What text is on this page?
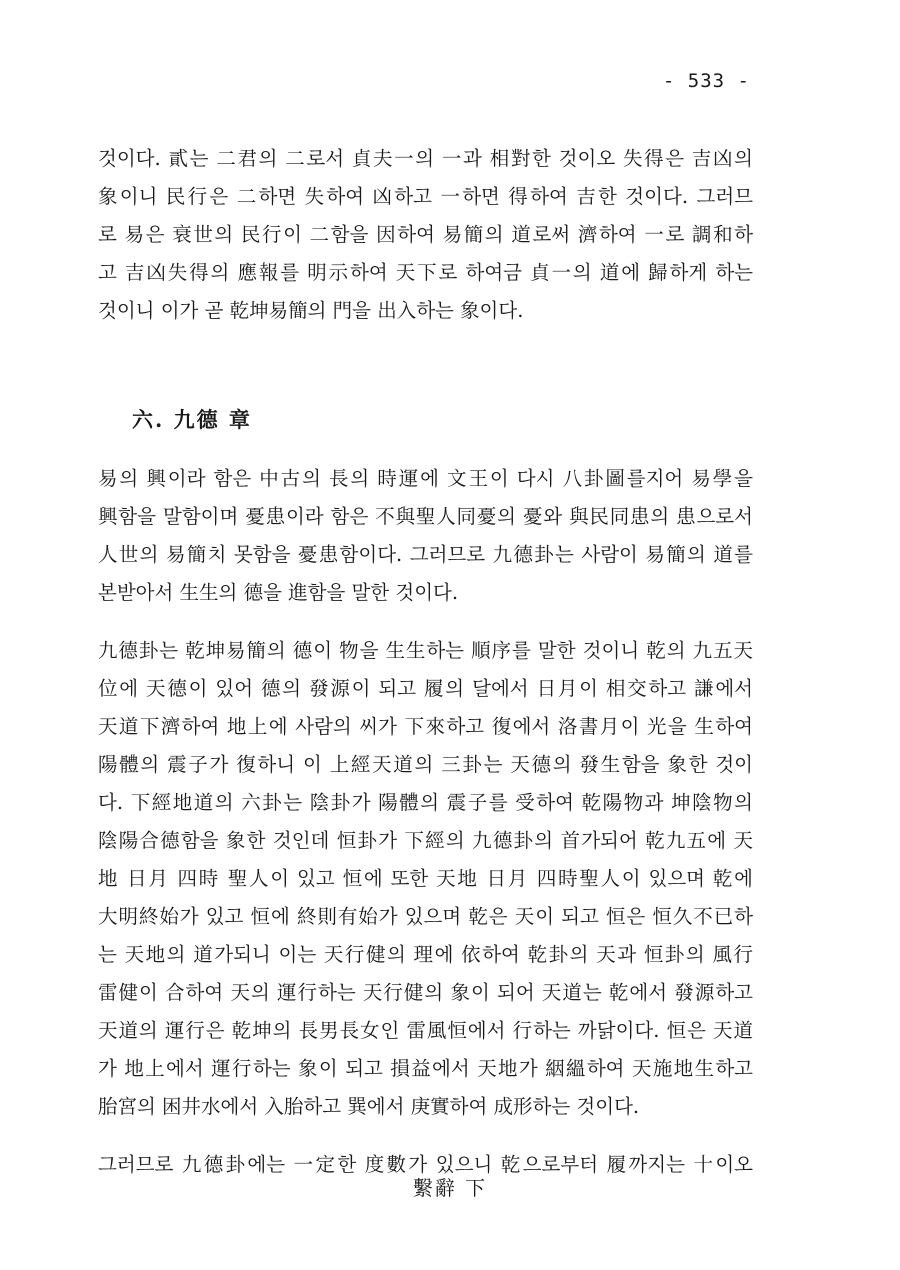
- 533 -

것이다. 貳는 二君의 二로서 貞夫一의 一과 相對한 것이오 失得은 吉凶의
象이니 民行은 二하면 失하여 凶하고 一하면 得하여 吉한 것이다. 그러므
로 易은 衰世의 民行이 二함을 因하여 易簡의 道로써 濟하여 一로 調和하
고 吉凶失得의 應報를 明示하여 天下로 하여금 貞一의 道에 歸하게 하는
것이니 이가 곧 乾坤易簡의 門을 出入하는 象이다.

六. 九德 章

易의 興이라 함은 中古의 長의 時運에 文王이 다시 八卦圖를지어 易學을
興함을 말함이며 憂患이라 함은 不與聖人同憂의 憂와 與民同患의 患으로서
人世의 易簡치 못함을 憂患함이다. 그러므로 九德卦는 사람이 易簡의 道를
본받아서 生生의 德을 進함을 말한 것이다.

九德卦는 乾坤易簡의 德이 物을 生生하는 順序를 말한 것이니 乾의 九五天
位에 天德이 있어 德의 發源이 되고 履의 달에서 日月이 相交하고 謙에서
天道下濟하여 地上에 사람의 씨가 下來하고 復에서 洛書月이 光을 生하여
陽體의 震子가 復하니 이 上經天道의 三卦는 天德의 發生함을 象한 것이
다. 下經地道의 六卦는 陰卦가 陽體의 震子를 受하여 乾陽物과 坤陰物의
陰陽合德함을 象한 것인데 恒卦가 下經의 九德卦의 首가되어 乾九五에 天
地 日月 四時 聖人이 있고 恒에 또한 天地 日月 四時聖人이 있으며 乾에
大明終始가 있고 恒에 終則有始가 있으며 乾은 天이 되고 恒은 恒久不已하
는 天地의 道가되니 이는 天行健의 理에 依하여 乾卦의 天과 恒卦의 風行
雷健이 合하여 天의 運行하는 天行健의 象이 되어 天道는 乾에서 發源하고
天道의 運行은 乾坤의 長男長女인 雷風恒에서 行하는 까닭이다. 恒은 天道
가 地上에서 運行하는 象이 되고 損益에서 天地가 絪縕하여 天施地生하고
胎宮의 困井水에서 入胎하고 巽에서 庚實하여 成形하는 것이다.

그러므로 九德卦에는 一定한 度數가 있으니 乾으로부터 履까지는 十이오

繫辭 下
